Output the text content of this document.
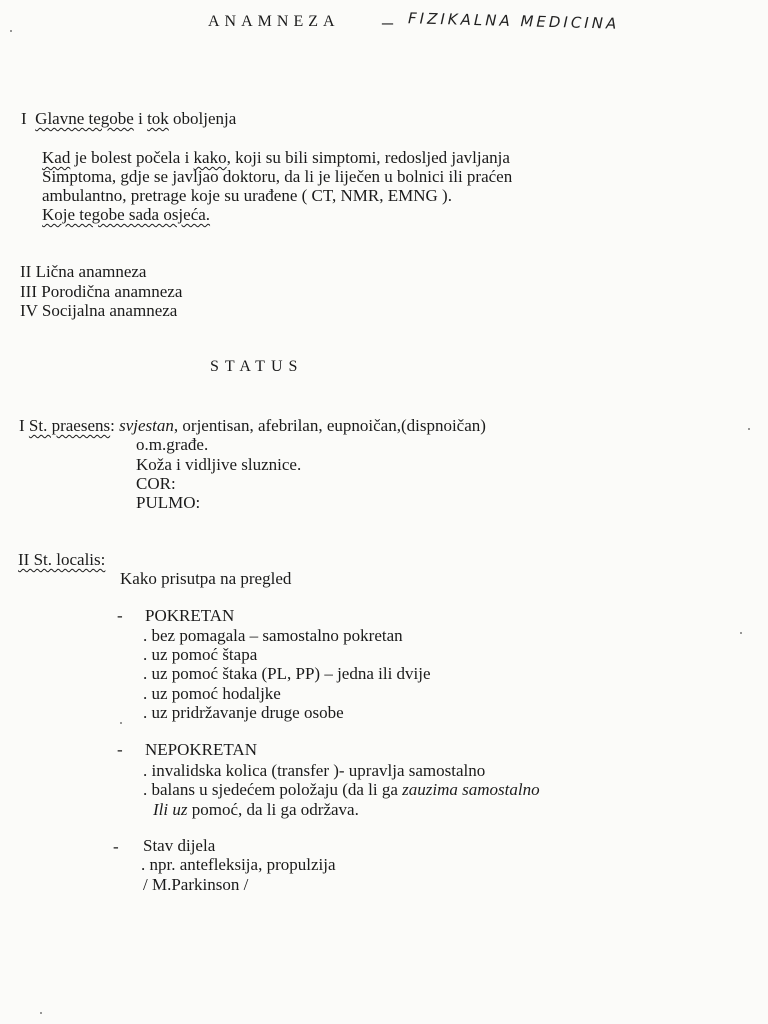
ANAMNEZA – FIZIKALNA MEDICINA
I Glavne tegobe i tok oboljenja
Kad je bolest počela i kako, koji su bili simptomi, redosljed javljanja
Simptoma, gdje se javljao doktoru, da li je liječen u bolnici ili praćen
ambulantno, pretrage koje su urađene ( CT, NMR, EMNG ).
Koje tegobe sada osjeća.
II Lična anamneza
III Porodična anamneza
IV Socijalna anamneza
STATUS
I St. praesens: svjestan, orjentisan, afebrilan, eupnoičan,(dispnoičan)
o.m.građe.
Koža i vidljive sluznice.
COR:
PULMO:
II St. localis:
Kako prisutpa na pregled
- POKRETAN
. bez pomagala – samostalno pokretan
. uz pomoć štapa
. uz pomoć štaka (PL, PP) – jedna ili dvije
. uz pomoć hodaljke
. uz pridržavanje druge osobe
- NEPOKRETAN
. invalidska kolica (transfer )- upravlja samostalno
. balans u sjedećem položaju (da li ga zauzima samostalno
Ili uz pomoć, da li ga održava.
- Stav dijela
. npr. antefleksija, propulzija
/ M.Parkinson /
